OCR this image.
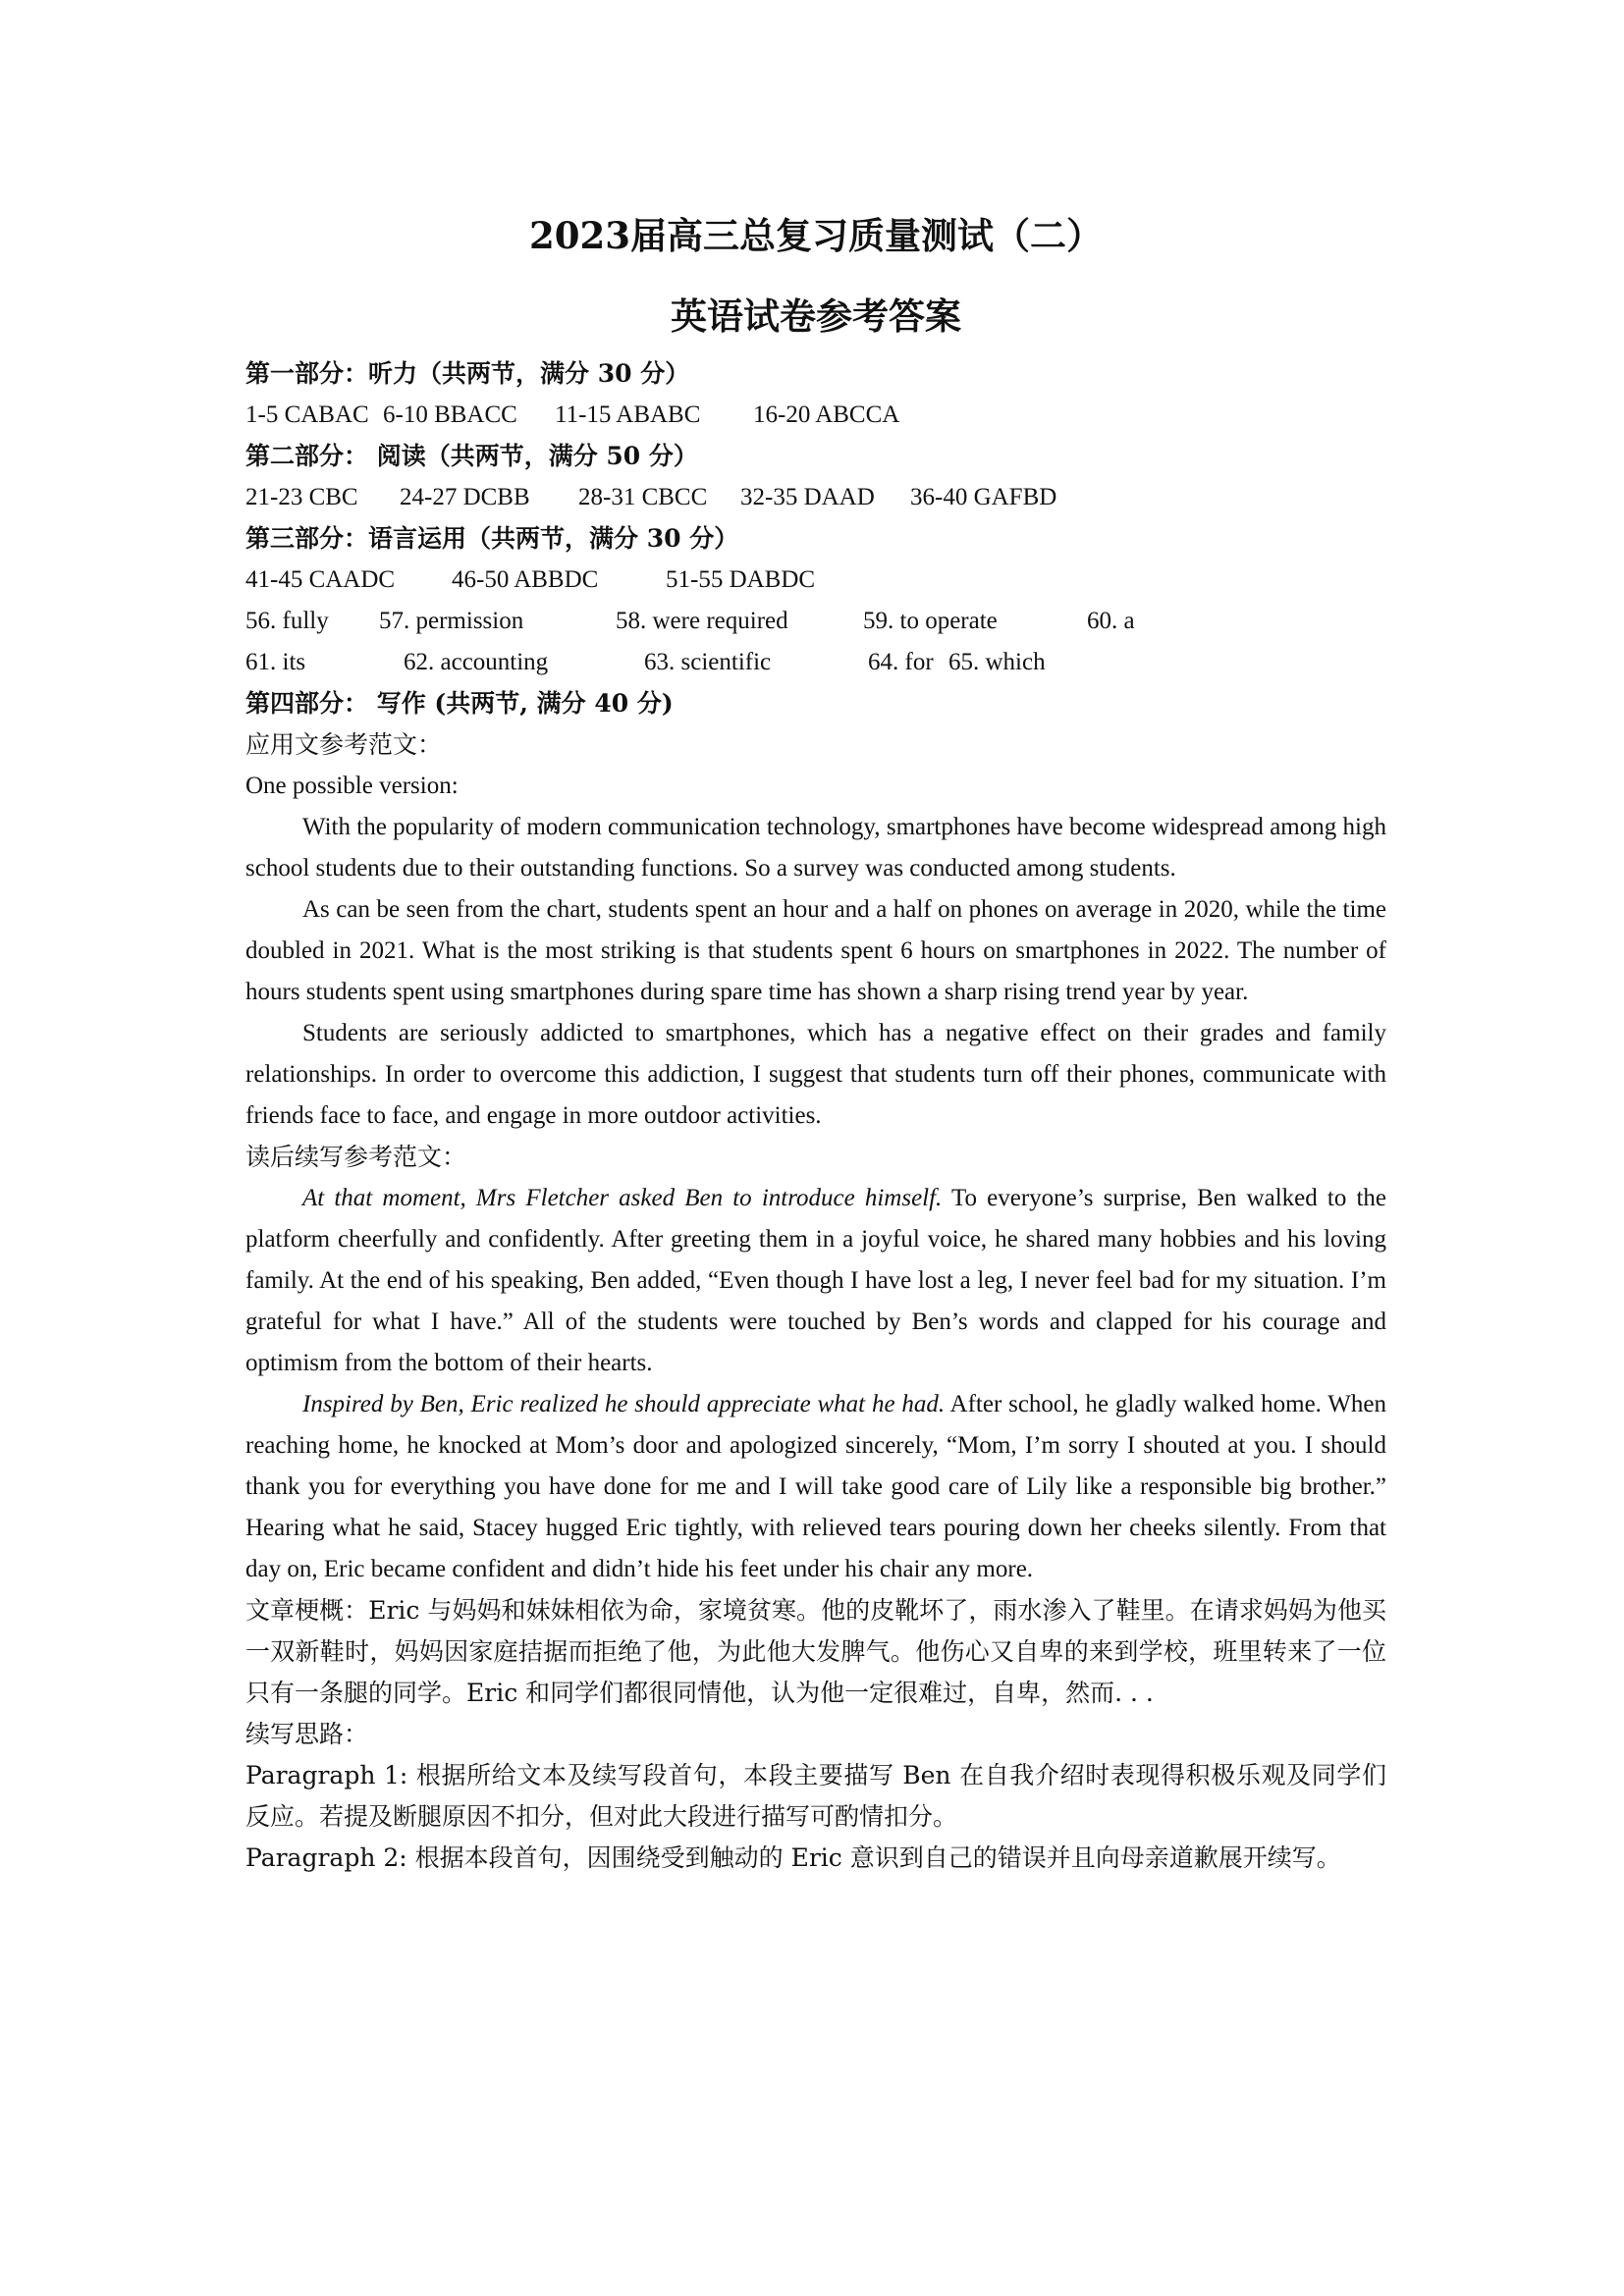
2023届高三总复习质量测试（二）
英语试卷参考答案

第一部分：听力（共两节，满分 30 分）

1-5 CABAC 6-10 BBACC 11-15 ABABC 16-20 ABCCA

第二部分： 阅读（共两节，满分 50 分）

21-23 CBC 24-27 DCBB 28-31 CBCC 32-35 DAAD 36-40 GAFBD

第三部分：语言运用（共两节，满分 30 分）

41-45 CAADC 46-50 ABBDC	51-55 DABDC

56. fully	57. permission	58. were required	59. to operate	60. a
61. its	62. accounting	63. scientific	64. for 65. which

第四部分： 写作 (共两节, 满分 40 分)

应用文参考范文：

One possible version:

With the popularity of modern communication technology, smartphones have become widespread among high school students due to their outstanding functions. So a survey was conducted among students.

As can be seen from the chart, students spent an hour and a half on phones on average in 2020, while the time doubled in 2021. What is the most striking is that students spent 6 hours on smartphones in 2022. The number of hours students spent using smartphones during spare time has shown a sharp rising trend year by year.

Students are seriously addicted to smartphones, which has a negative effect on their grades and family relationships. In order to overcome this addiction, I suggest that students turn off their phones, communicate with friends face to face, and engage in more outdoor activities.

读后续写参考范文：

At that moment, Mrs Fletcher asked Ben to introduce himself. To everyone’s surprise, Ben walked to the platform cheerfully and confidently. After greeting them in a joyful voice, he shared many hobbies and his loving family. At the end of his speaking, Ben added, “Even though I have lost a leg, I never feel bad for my situation. I’m grateful for what I have.” All of the students were touched by Ben’s words and clapped for his courage and optimism from the bottom of their hearts.

Inspired by Ben, Eric realized he should appreciate what he had. After school, he gladly walked home. When reaching home, he knocked at Mom’s door and apologized sincerely, “Mom, I’m sorry I shouted at you. I should thank you for everything you have done for me and I will take good care of Lily like a responsible big brother.” Hearing what he said, Stacey hugged Eric tightly, with relieved tears pouring down her cheeks silently. From that day on, Eric became confident and didn’t hide his feet under his chair any more.

文章梗概：Eric 与妈妈和妹妹相依为命，家境贫寒。他的皮靴坏了，雨水渗入了鞋里。在请求妈妈为他买一双新鞋时，妈妈因家庭拮据而拒绝了他，为此他大发脾气。他伤心又自卑的来到学校，班里转来了一位只有一条腿的同学。Eric 和同学们都很同情他，认为他一定很难过，自卑，然而. . .

续写思路：

Paragraph 1: 根据所给文本及续写段首句，本段主要描写 Ben 在自我介绍时表现得积极乐观及同学们反应。若提及断腿原因不扣分，但对此大段进行描写可酌情扣分。

Paragraph 2: 根据本段首句，因围绕受到触动的 Eric 意识到自己的错误并且向母亲道歉展开续写。
